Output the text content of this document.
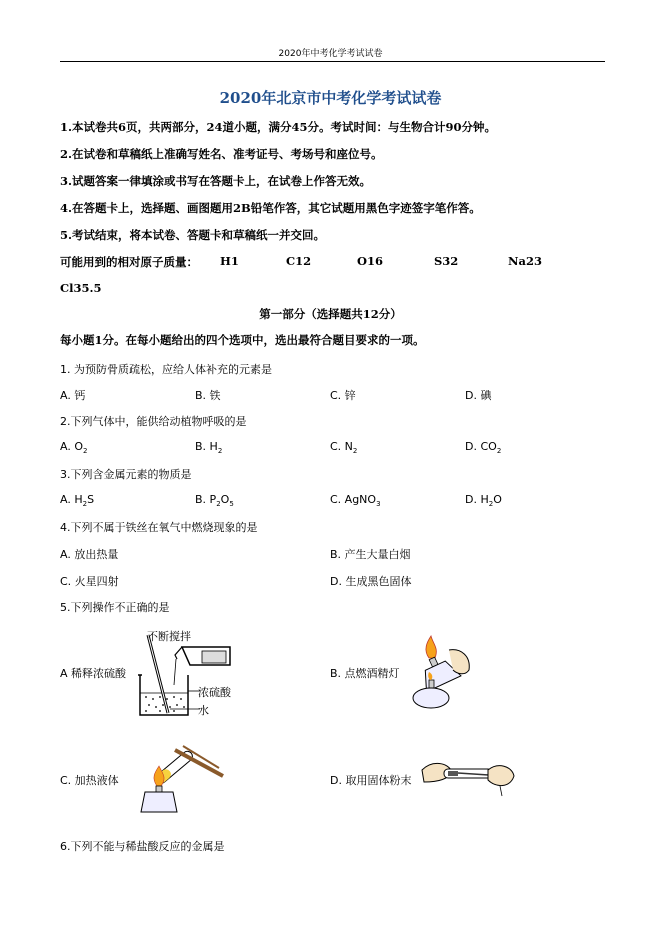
2020年中考化学考试试卷
2020年北京市中考化学考试试卷
1.本试卷共6页，共两部分，24道小题，满分45分。考试时间：与生物合计90分钟。
2.在试卷和草稿纸上准确写姓名、准考证号、考场号和座位号。
3.试题答案一律填涂或书写在答题卡上，在试卷上作答无效。
4.在答题卡上，选择题、画图题用2B铅笔作答，其它试题用黑色字迹签字笔作答。
5.考试结束，将本试卷、答题卡和草稿纸一并交回。
可能用到的相对原子质量： H1	C12	O16	S32	Na23
Cl35.5
第一部分（选择题共12分）
每小题1分。在每小题给出的四个选项中，选出最符合题目要求的一项。
1. 为预防骨质疏松，应给人体补充的元素是
A. 钙	B. 铁	C. 锌	D. 碘
2.下列气体中，能供给动植物呼吸的是
A. $O_2$	B. $H_2$	C. $N_2$	D. $CO_2$
3.下列含金属元素的物质是
A. $H_2S$	B. $P_2O_5$	C. AgNO$_3$	D. $H_2O$
4.下列不属于铁丝在氧气中燃烧现象的是
A. 放出热量	B. 产生大量白烟
C. 火星四射	D. 生成黑色固体
5.下列操作不正确的是
A 稀释浓硫酸
不断搅拌
浓硫酸
水
B. 点燃酒精灯
C. 加热液体	D. 取用固体粉末
6.下列不能与稀盐酸反应的金属是
